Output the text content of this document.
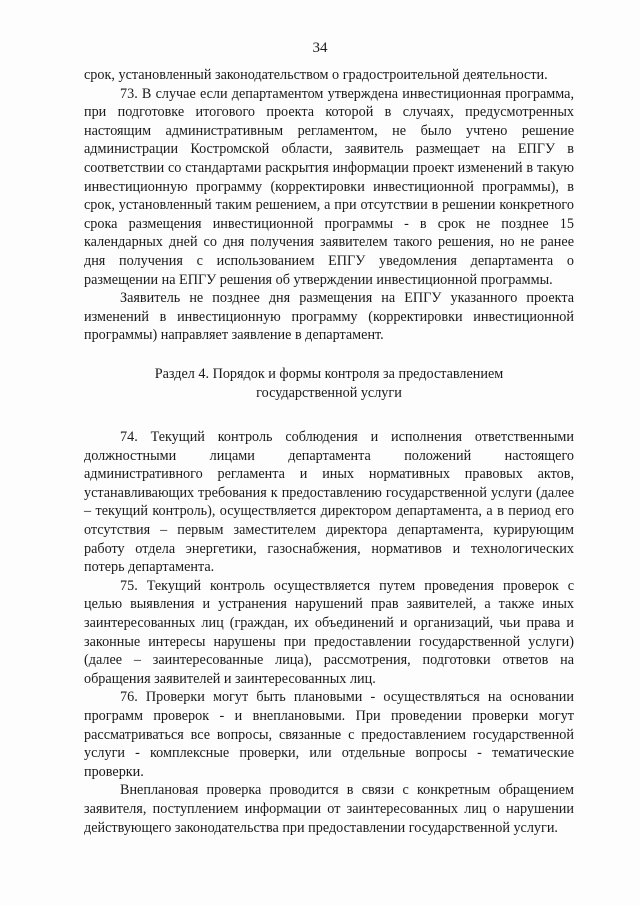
34

срок, установленный законодательством о градостроительной деятельности.

73. В случае если департаментом утверждена инвестиционная программа, при подготовке итогового проекта которой в случаях, предусмотренных настоящим административным регламентом, не было учтено решение администрации Костромской области, заявитель размещает на ЕПГУ в соответствии со стандартами раскрытия информации проект изменений в такую инвестиционную программу (корректировки инвестиционной программы), в срок, установленный таким решением, а при отсутствии в решении конкретного срока размещения инвестиционной программы - в срок не позднее 15 календарных дней со дня получения заявителем такого решения, но не ранее дня получения с использованием ЕПГУ уведомления департамента о размещении на ЕПГУ решения об утверждении инвестиционной программы.

Заявитель не позднее дня размещения на ЕПГУ указанного проекта изменений в инвестиционную программу (корректировки инвестиционной программы) направляет заявление в департамент.

Раздел 4. Порядок и формы контроля за предоставлением
государственной услуги

74. Текущий контроль соблюдения и исполнения ответственными должностными лицами департамента положений настоящего административного регламента и иных нормативных правовых актов, устанавливающих требования к предоставлению государственной услуги (далее – текущий контроль), осуществляется директором департамента, а в период его отсутствия – первым заместителем директора департамента, курирующим работу отдела энергетики, газоснабжения, нормативов и технологических потерь департамента.

75. Текущий контроль осуществляется путем проведения проверок с целью выявления и устранения нарушений прав заявителей, а также иных заинтересованных лиц (граждан, их объединений и организаций, чьи права и законные интересы нарушены при предоставлении государственной услуги) (далее – заинтересованные лица), рассмотрения, подготовки ответов на обращения заявителей и заинтересованных лиц.

76. Проверки могут быть плановыми - осуществляться на основании программ проверок - и внеплановыми. При проведении проверки могут рассматриваться все вопросы, связанные с предоставлением государственной услуги - комплексные проверки, или отдельные вопросы - тематические проверки.

Внеплановая проверка проводится в связи с конкретным обращением заявителя, поступлением информации от заинтересованных лиц о нарушении действующего законодательства при предоставлении государственной услуги.
